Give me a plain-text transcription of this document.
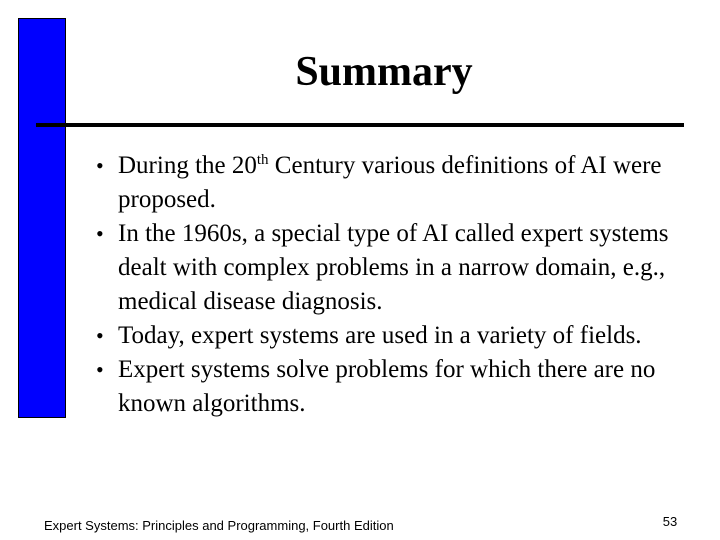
Summary
• During the 20th Century various definitions of AI were proposed.
• In the 1960s, a special type of AI called expert systems dealt with complex problems in a narrow domain, e.g., medical disease diagnosis.
• Today, expert systems are used in a variety of fields.
• Expert systems solve problems for which there are no known algorithms.
Expert Systems: Principles and Programming, Fourth Edition	53
